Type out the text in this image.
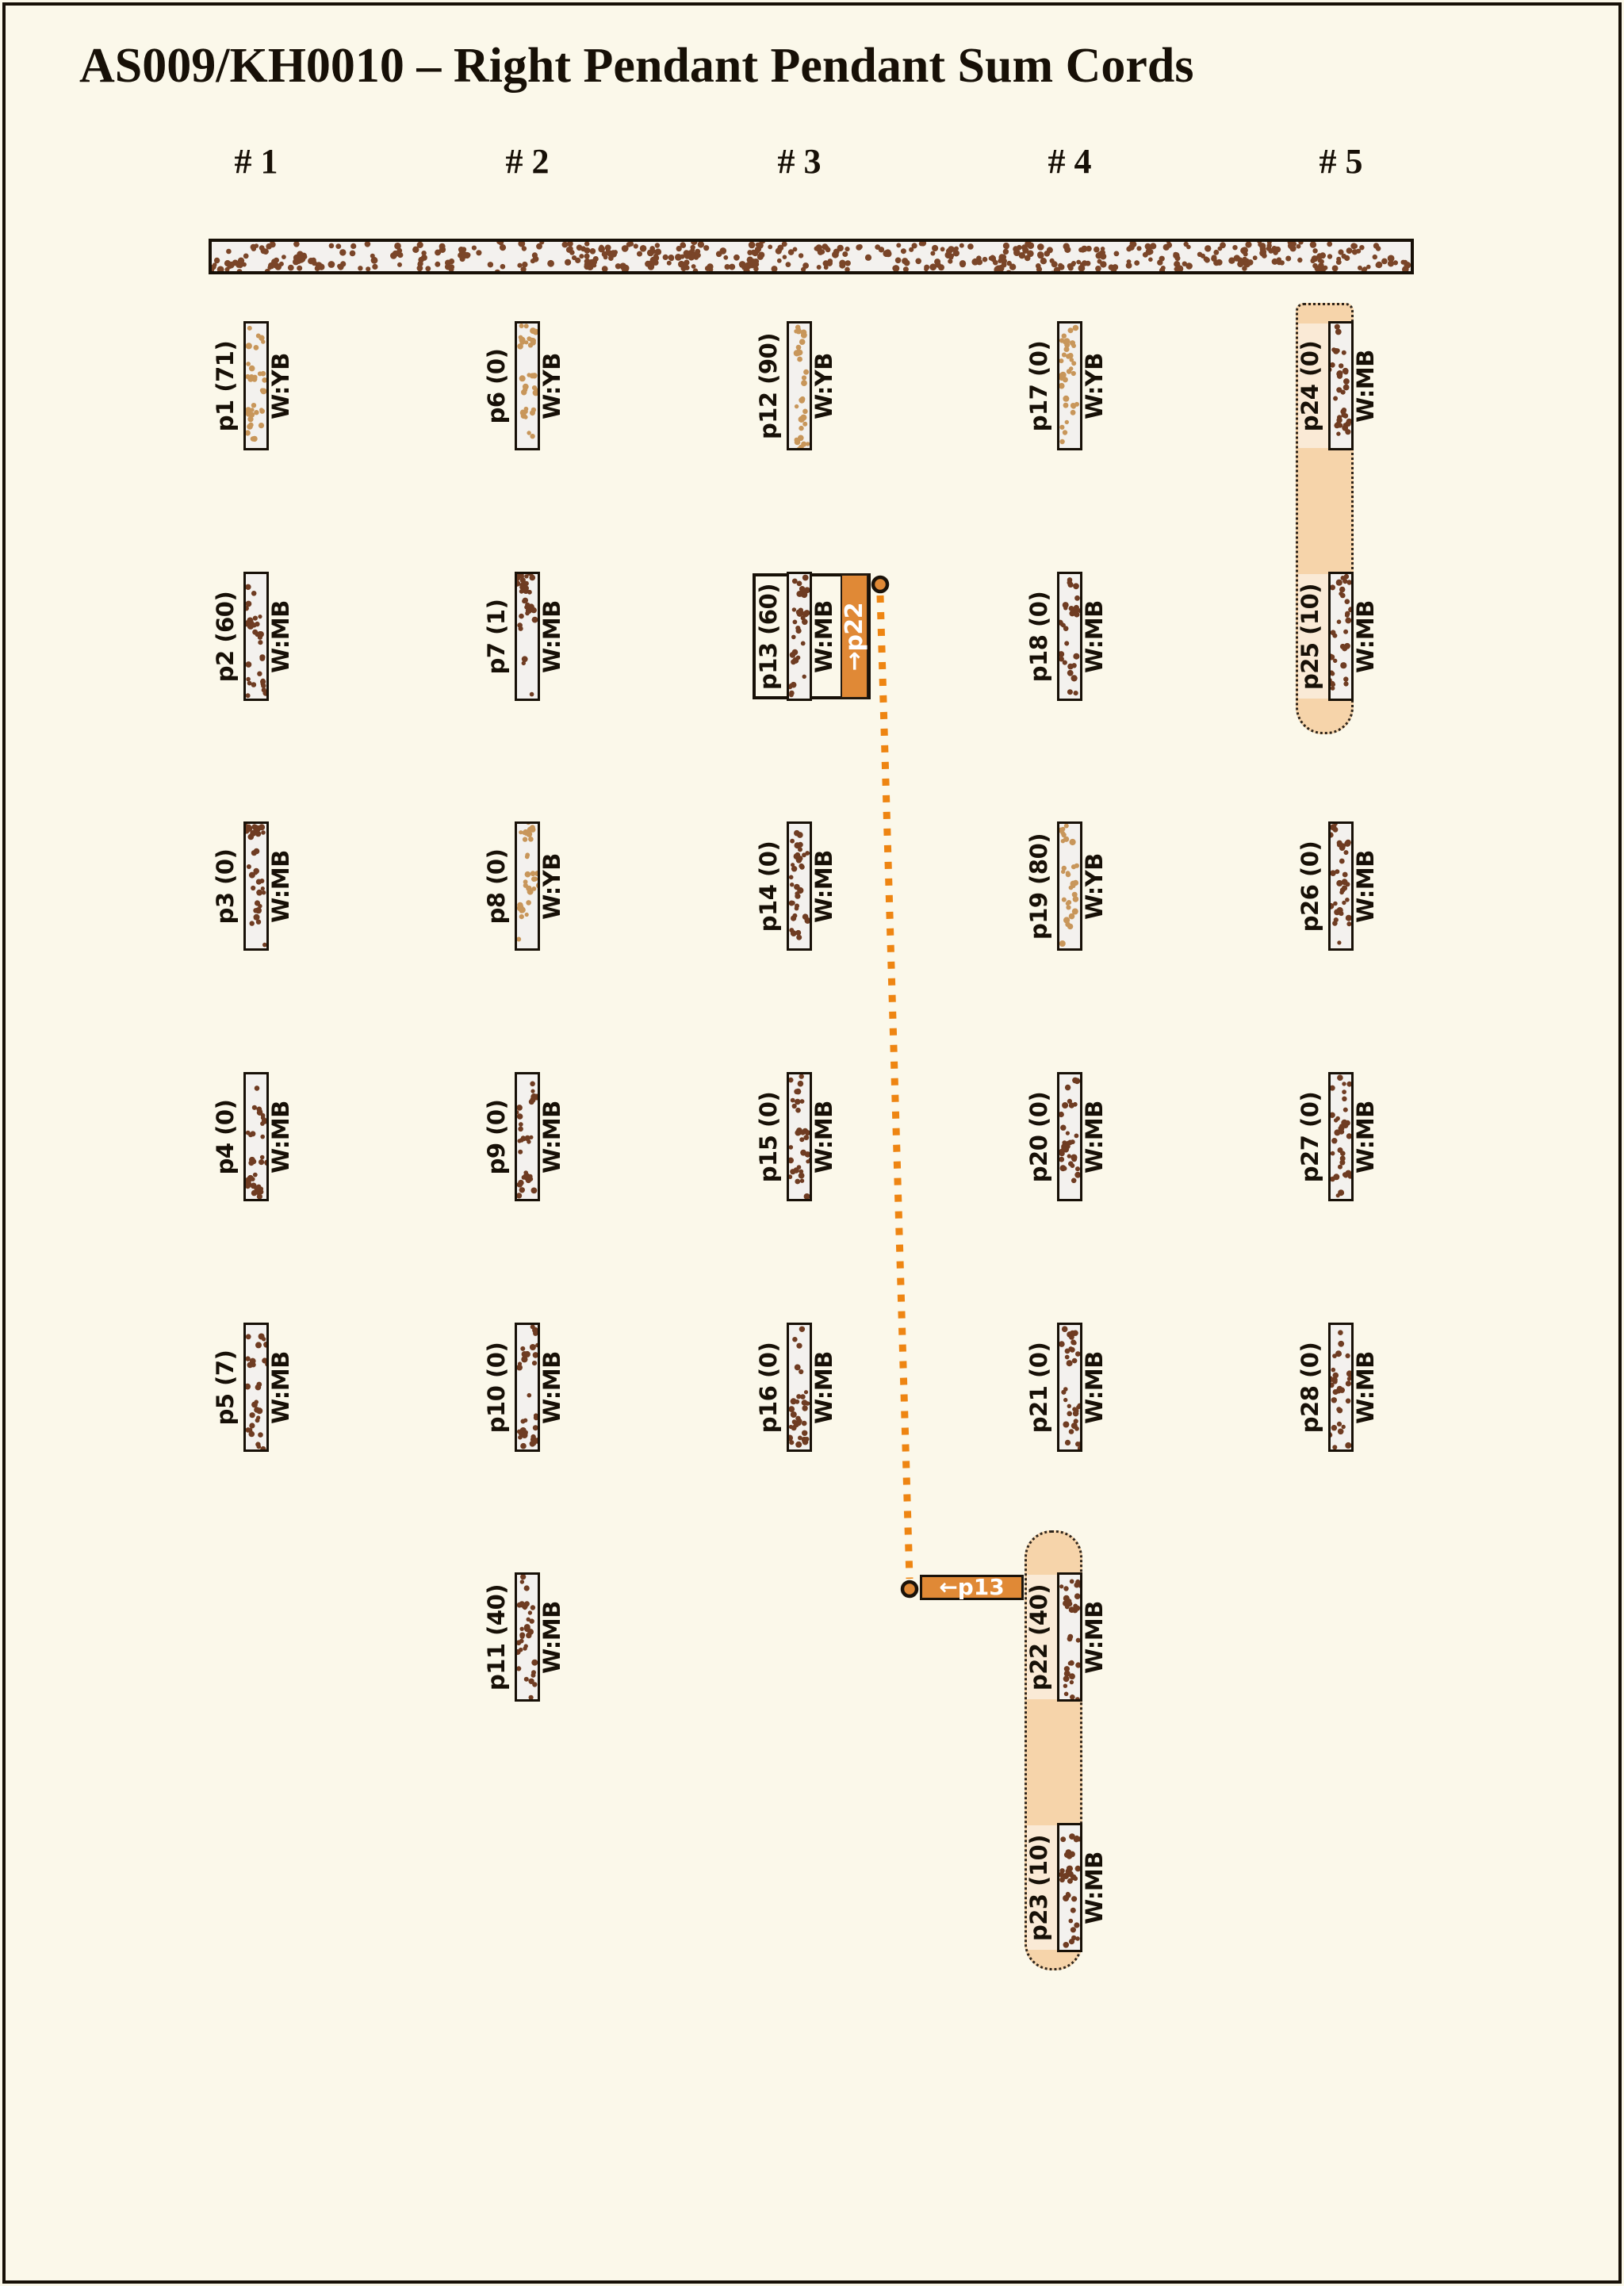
AS009/KH0010 – Right Pendant Pendant Sum Cords
# 1	# 2	# 3	# 4	# 5
p1 (71) W:YB
p2 (60) W:MB
p3 (0) W:MB
p4 (0) W:MB
p5 (7) W:MB
p6 (0) W:YB
p7 (1) W:MB
p8 (0) W:YB
p9 (0) W:MB
p10 (0) W:MB
p11 (40) W:MB
p12 (90) W:YB
→p22
p13 (60) W:MB
p14 (0) W:MB
p15 (0) W:MB
p16 (0) W:MB
p17 (0) W:YB
p18 (0) W:MB
p19 (80) W:YB
p20 (0) W:MB
p21 (0) W:MB
p22 (40) W:MB
p23 (10) W:MB
p24 (0) W:MB
p25 (10) W:MB
p26 (0) W:MB
p27 (0) W:MB
p28 (0) W:MB
←p13
